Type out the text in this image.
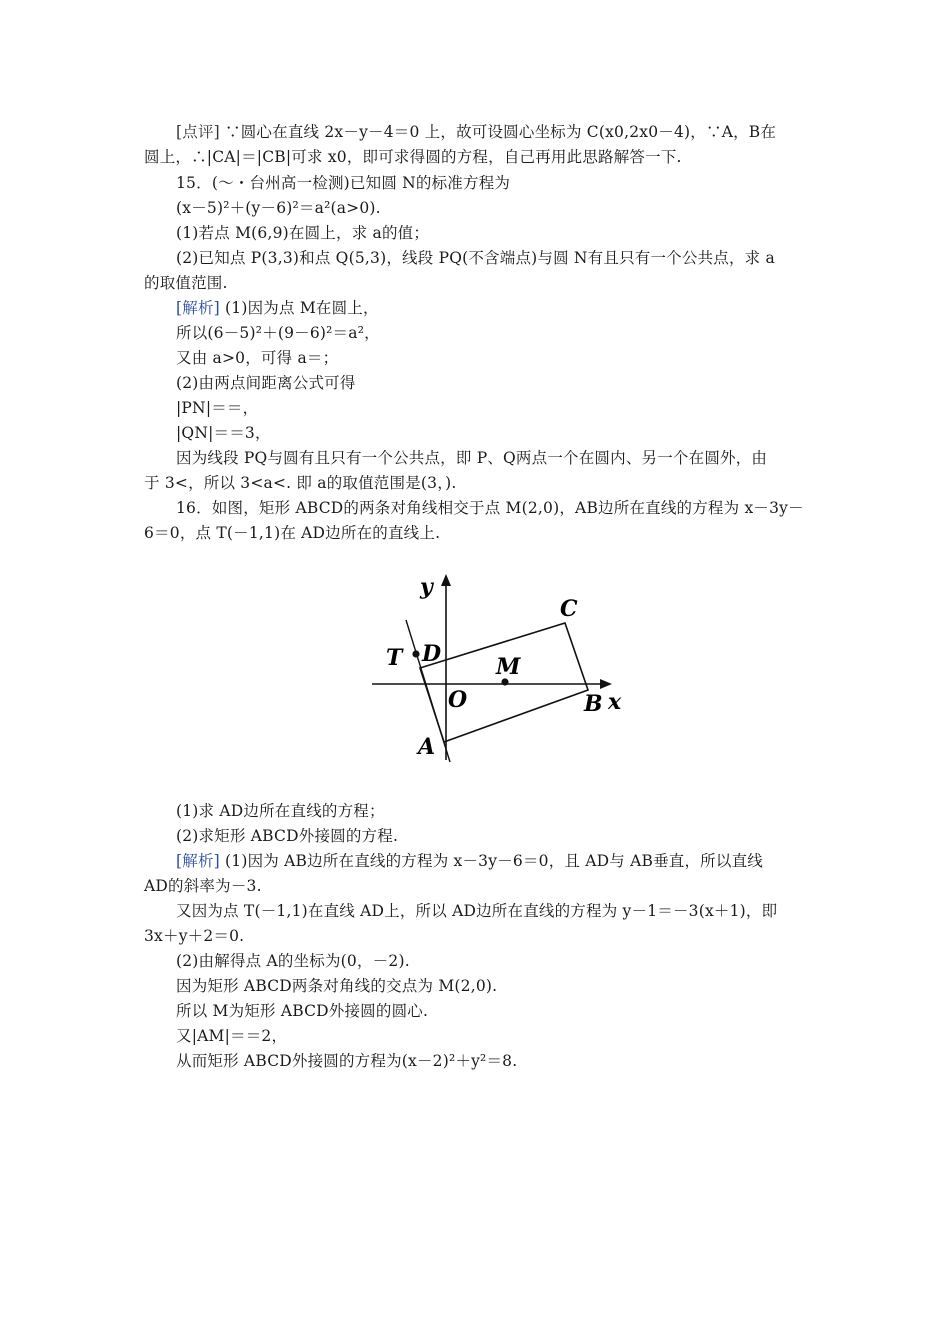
[点评] ∵圆心在直线 2x－y－4＝0 上，故可设圆心坐标为 C(x0,2x0－4)，∵A，B在
圆上，∴|CA|＝|CB|可求 x0，即可求得圆的方程，自己再用此思路解答一下.
15．(～・台州高一检测)已知圆 N的标准方程为
(x－5)²＋(y－6)²＝a²(a>0).
(1)若点 M(6,9)在圆上，求 a的值；
(2)已知点 P(3,3)和点 Q(5,3)，线段 PQ(不含端点)与圆 N有且只有一个公共点，求 a
的取值范围.
[解析] (1)因为点 M在圆上，
所以(6－5)²＋(9－6)²＝a²，
又由 a>0，可得 a＝；
(2)由两点间距离公式可得
|PN|＝＝，
|QN|＝＝3，
因为线段 PQ与圆有且只有一个公共点，即 P、Q两点一个在圆内、另一个在圆外，由
于 3<，所以 3<a<. 即 a的取值范围是(3，).
16．如图，矩形 ABCD的两条对角线相交于点 M(2,0)，AB边所在直线的方程为 x－3y－
6＝0，点 T(－1,1)在 AD边所在的直线上.
y
x
O
A
B
C
D
T	M
(1)求 AD边所在直线的方程；
(2)求矩形 ABCD外接圆的方程.
[解析] (1)因为 AB边所在直线的方程为 x－3y－6＝0，且 AD与 AB垂直，所以直线
AD的斜率为－3.
又因为点 T(－1,1)在直线 AD上，所以 AD边所在直线的方程为 y－1＝－3(x＋1)，即
3x＋y＋2＝0.
(2)由解得点 A的坐标为(0，－2).
因为矩形 ABCD两条对角线的交点为 M(2,0).
所以 M为矩形 ABCD外接圆的圆心.
又|AM|＝＝2，
从而矩形 ABCD外接圆的方程为(x－2)²＋y²＝8.
